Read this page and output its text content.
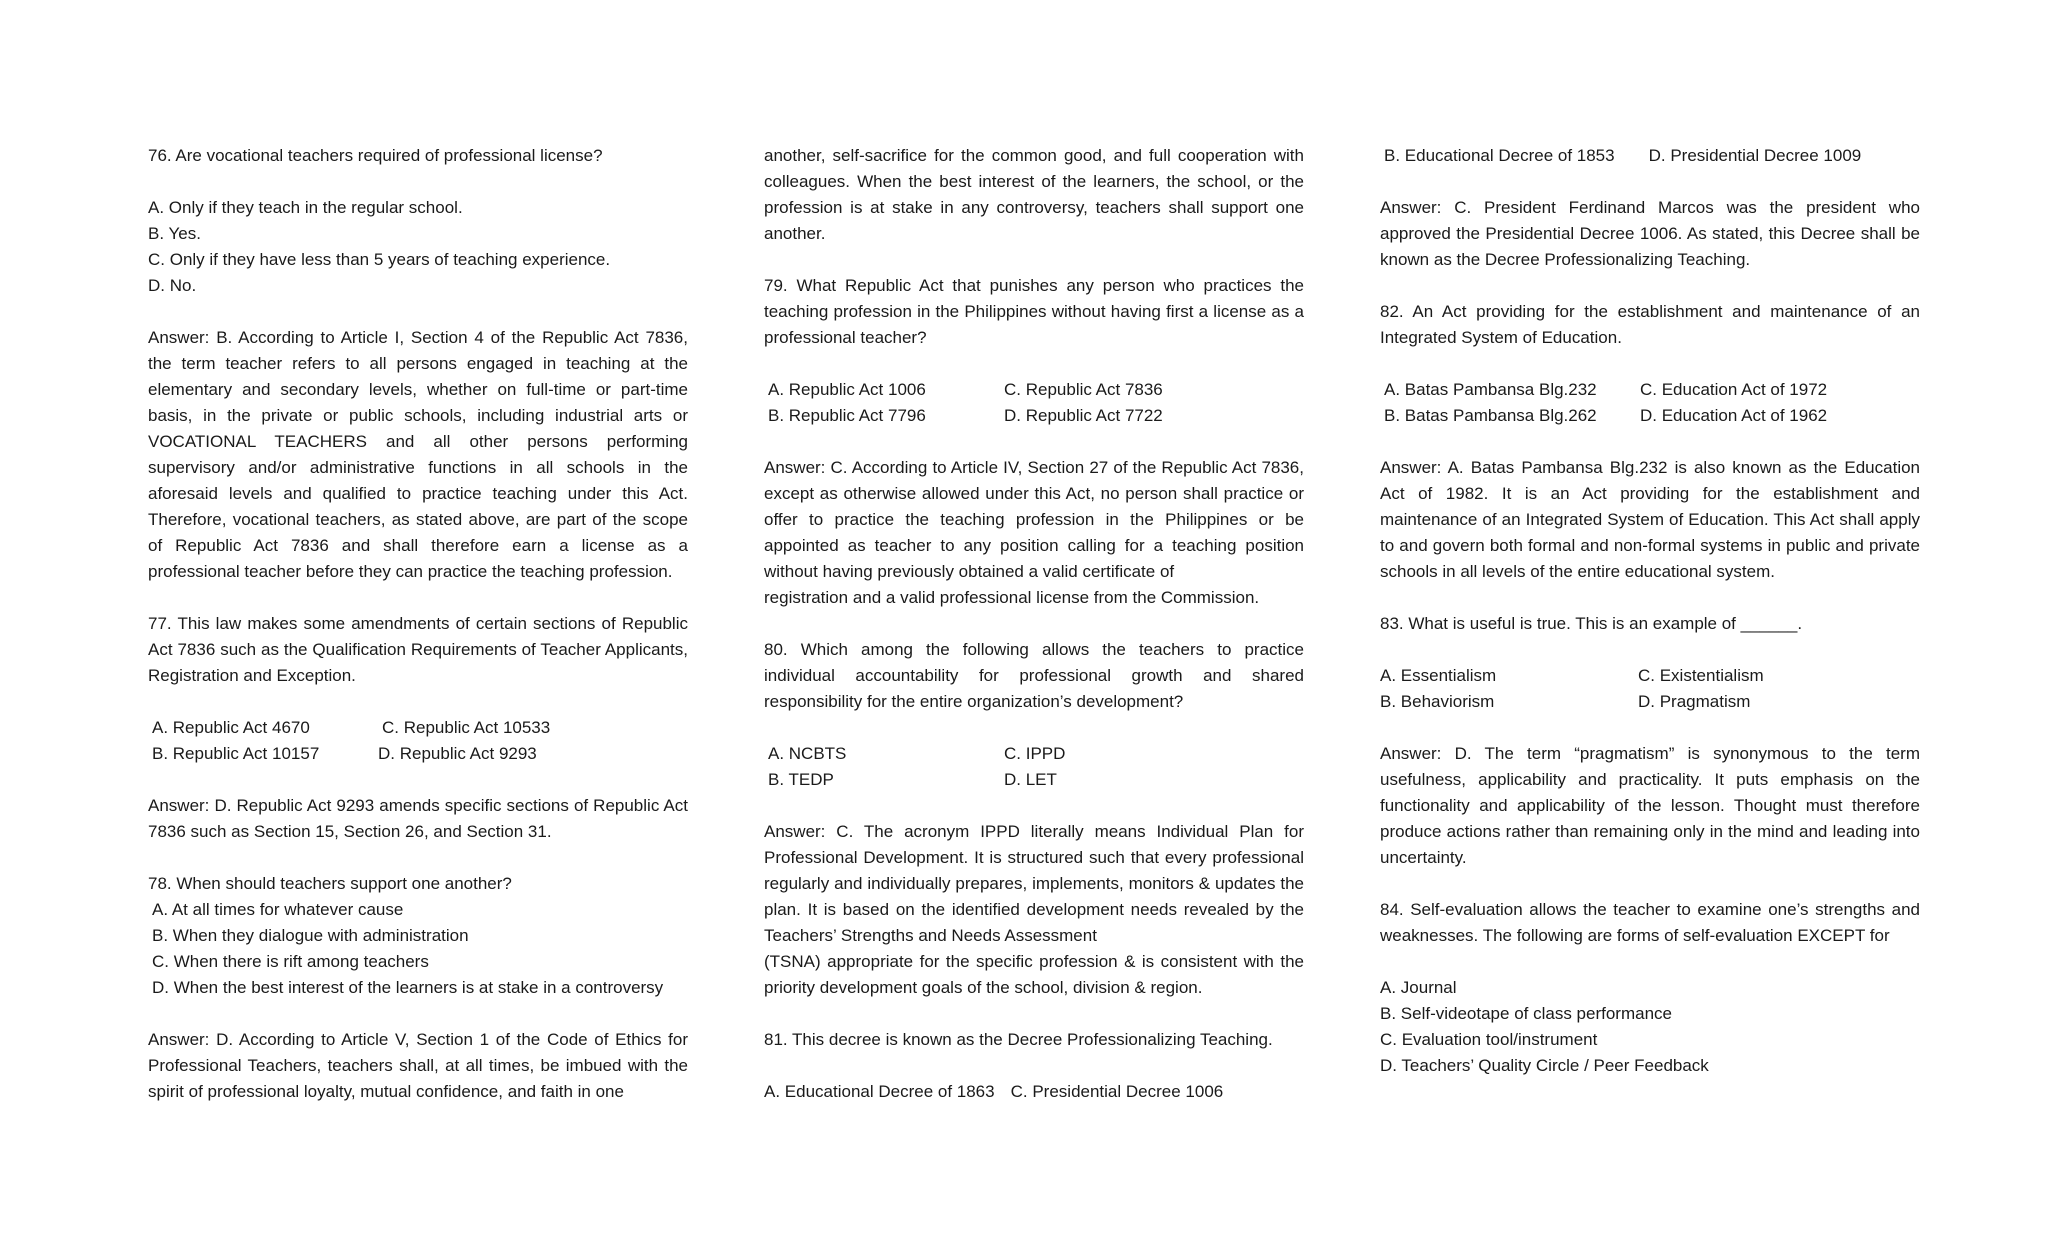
76. Are vocational teachers required of professional license?

A. Only if they teach in the regular school.
B. Yes.
C. Only if they have less than 5 years of teaching experience.
D. No.

Answer: B. According to Article I, Section 4 of the Republic Act 7836, the term teacher refers to all persons engaged in teaching at the elementary and secondary levels, whether on full-time or part-time basis, in the private or public schools, including industrial arts or VOCATIONAL TEACHERS and all other persons performing supervisory and/or administrative functions in all schools in the aforesaid levels and qualified to practice teaching under this Act. Therefore, vocational teachers, as stated above, are part of the scope of Republic Act 7836 and shall therefore earn a license as a professional teacher before they can practice the teaching profession.

77. This law makes some amendments of certain sections of Republic Act 7836 such as the Qualification Requirements of Teacher Applicants, Registration and Exception.

A. Republic Act 4670	C. Republic Act 10533
B. Republic Act 10157	D. Republic Act 9293

Answer: D. Republic Act 9293 amends specific sections of Republic Act 7836 such as Section 15, Section 26, and Section 31.

78. When should teachers support one another?

A. At all times for whatever cause
B. When they dialogue with administration
C. When there is rift among teachers
D. When the best interest of the learners is at stake in a controversy

Answer: D. According to Article V, Section 1 of the Code of Ethics for Professional Teachers, teachers shall, at all times, be imbued with the spirit of professional loyalty, mutual confidence, and faith in one

another, self-sacrifice for the common good, and full cooperation with colleagues. When the best interest of the learners, the school, or the profession is at stake in any controversy, teachers shall support one another.

79. What Republic Act that punishes any person who practices the teaching profession in the Philippines without having first a license as a professional teacher?

A. Republic Act 1006	C. Republic Act 7836
B. Republic Act 7796	D. Republic Act 7722

Answer: C. According to Article IV, Section 27 of the Republic Act 7836, except as otherwise allowed under this Act, no person shall practice or offer to practice the teaching profession in the Philippines or be appointed as teacher to any position calling for a teaching position without having previously obtained a valid certificate of

registration and a valid professional license from the Commission.

80. Which among the following allows the teachers to practice individual accountability for professional growth and shared responsibility for the entire organization’s development?

A. NCBTS	C. IPPD
B. TEDP	D. LET

Answer: C. The acronym IPPD literally means Individual Plan for Professional Development. It is structured such that every professional regularly and individually prepares, implements, monitors & updates the plan. It is based on the identified development needs revealed by the Teachers’ Strengths and Needs Assessment

(TSNA) appropriate for the specific profession & is consistent with the priority development goals of the school, division & region.

81. This decree is known as the Decree Professionalizing Teaching.

A. Educational Decree of 1863 C. Presidential Decree 1006
B. Educational Decree of 1853 D. Presidential Decree 1009

Answer: C. President Ferdinand Marcos was the president who approved the Presidential Decree 1006. As stated, this Decree shall be known as the Decree Professionalizing Teaching.

82. An Act providing for the establishment and maintenance of an Integrated System of Education.

A. Batas Pambansa Blg.232	C. Education Act of 1972
B. Batas Pambansa Blg.262	D. Education Act of 1962

Answer: A. Batas Pambansa Blg.232 is also known as the Education Act of 1982. It is an Act providing for the establishment and maintenance of an Integrated System of Education. This Act shall apply to and govern both formal and non-formal systems in public and private schools in all levels of the entire educational system.

83. What is useful is true. This is an example of ______.

A. Essentialism	C. Existentialism
B. Behaviorism	D. Pragmatism

Answer: D. The term “pragmatism” is synonymous to the term usefulness, applicability and practicality. It puts emphasis on the functionality and applicability of the lesson. Thought must therefore produce actions rather than remaining only in the mind and leading into uncertainty.

84. Self-evaluation allows the teacher to examine one’s strengths and weaknesses. The following are forms of self-evaluation EXCEPT for

A. Journal
B. Self-videotape of class performance
C. Evaluation tool/instrument
D. Teachers’ Quality Circle / Peer Feedback
